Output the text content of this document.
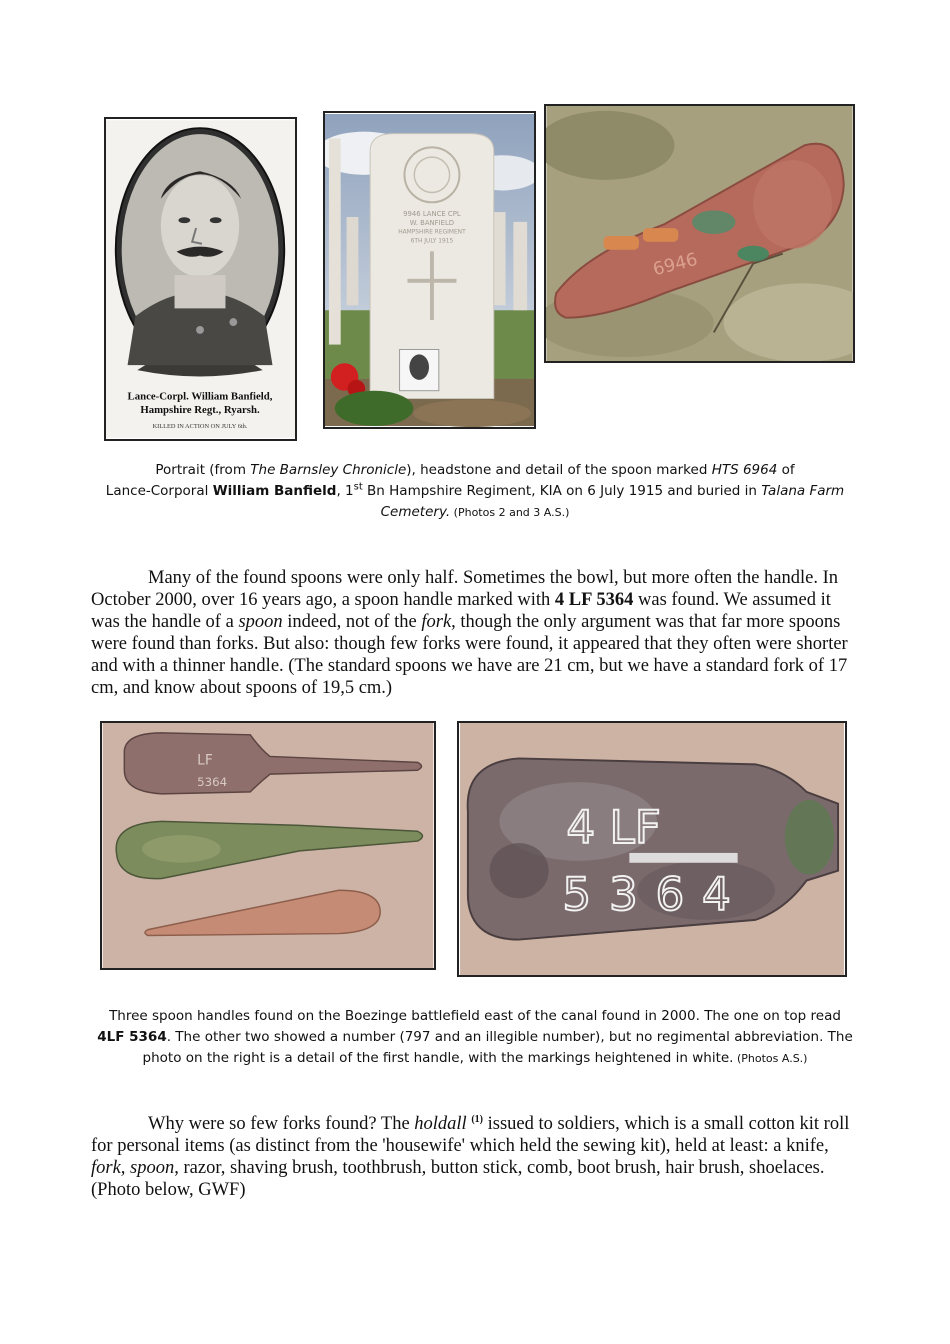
Lance-Corpl. William Banfield,
Hampshire Regt., Ryarsh.
KILLED IN ACTION ON JULY 6th.
9946 LANCE CPL
W. BANFIELD
HAMPSHIRE REGIMENT
6TH JULY 1915
6946
Portrait (from The Barnsley Chronicle), headstone and detail of the spoon marked HTS 6964 of
Lance-Corporal William Banfield, 1st Bn Hampshire Regiment, KIA on 6 July 1915 and buried in Talana Farm
Cemetery. (Photos 2 and 3 A.S.)
Many of the found spoons were only half. Sometimes the bowl, but more often the handle. In October 2000, over 16 years ago, a spoon handle marked with 4 LF 5364 was found. We assumed it was the handle of a spoon indeed, not of the fork, though the only argument was that far more spoons were found than forks. But also: though few forks were found, it appeared that they often were shorter and with a thinner handle. (The standard spoons we have are 21 cm, but we have a standard fork of 17 cm, and know about spoons of 19,5 cm.)
LF
5364
4 LF
5364
Three spoon handles found on the Boezinge battlefield east of the canal found in 2000. The one on top read
4LF 5364. The other two showed a number (797 and an illegible number), but no regimental abbreviation. The photo on the right is a detail of the first handle, with the markings heightened in white. (Photos A.S.)
Why were so few forks found? The holdall $^{(1)}$ issued to soldiers, which is a small cotton kit roll for personal items (as distinct from the 'housewife' which held the sewing kit), held at least: a knife, fork, spoon, razor, shaving brush, toothbrush, button stick, comb, boot brush, hair brush, shoelaces. (Photo below, GWF)
